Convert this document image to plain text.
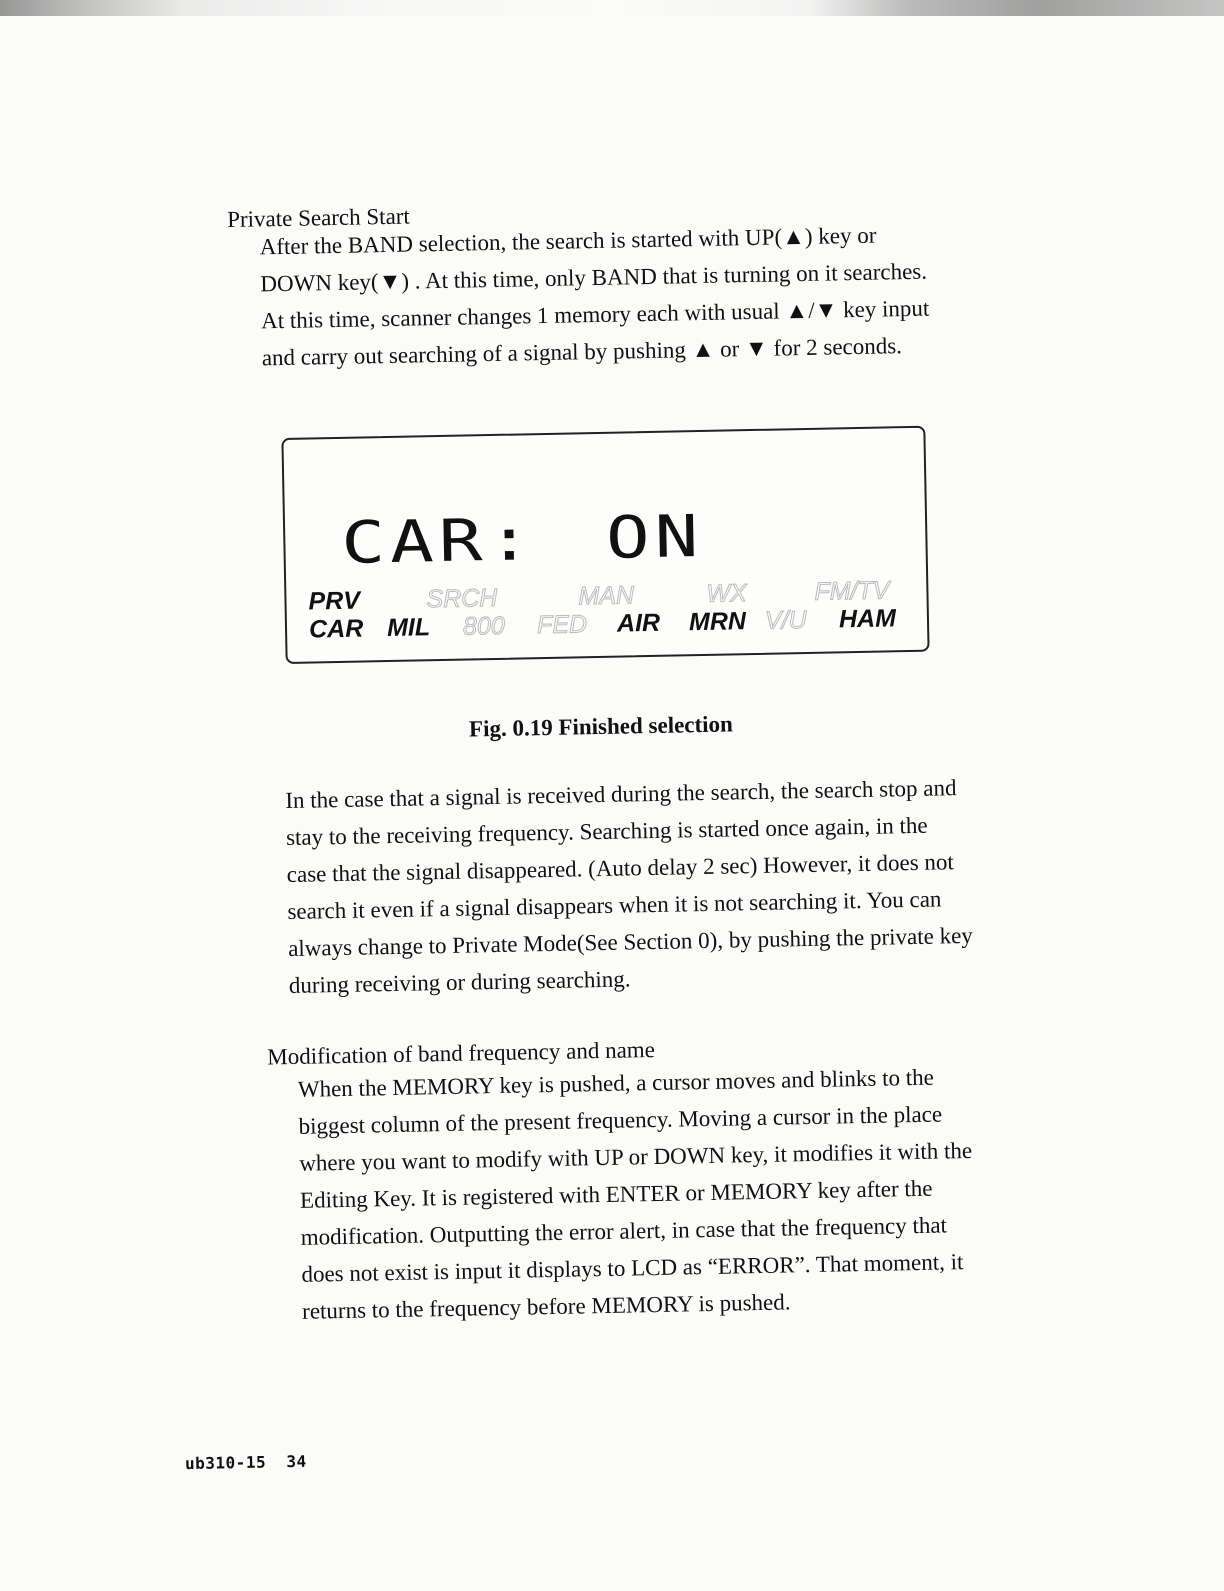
Private Search Start

After the BAND selection, the search is started with UP(▲) key or

DOWN key(▼) . At this time, only BAND that is turning on it searches.

At this time, scanner changes 1 memory each with usual ▲/▼ key input

and carry out searching of a signal by pushing ▲ or ▼ for 2 seconds.

CAR: ON
PRV	SRCH	MAN	WX	FM/TV
CAR MIL 800 FED AIR MRN V/U HAM
Fig. 0.19 Finished selection

In the case that a signal is received during the search, the search stop and

stay to the receiving frequency. Searching is started once again, in the

case that the signal disappeared. (Auto delay 2 sec) However, it does not

search it even if a signal disappears when it is not searching it. You can

always change to Private Mode(See Section 0), by pushing the private key

during receiving or during searching.

Modification of band frequency and name

When the MEMORY key is pushed, a cursor moves and blinks to the

biggest column of the present frequency. Moving a cursor in the place

where you want to modify with UP or DOWN key, it modifies it with the

Editing Key. It is registered with ENTER or MEMORY key after the

modification. Outputting the error alert, in case that the frequency that

does not exist is input it displays to LCD as “ERROR”. That moment, it

returns to the frequency before MEMORY is pushed.

ub310-15 34
